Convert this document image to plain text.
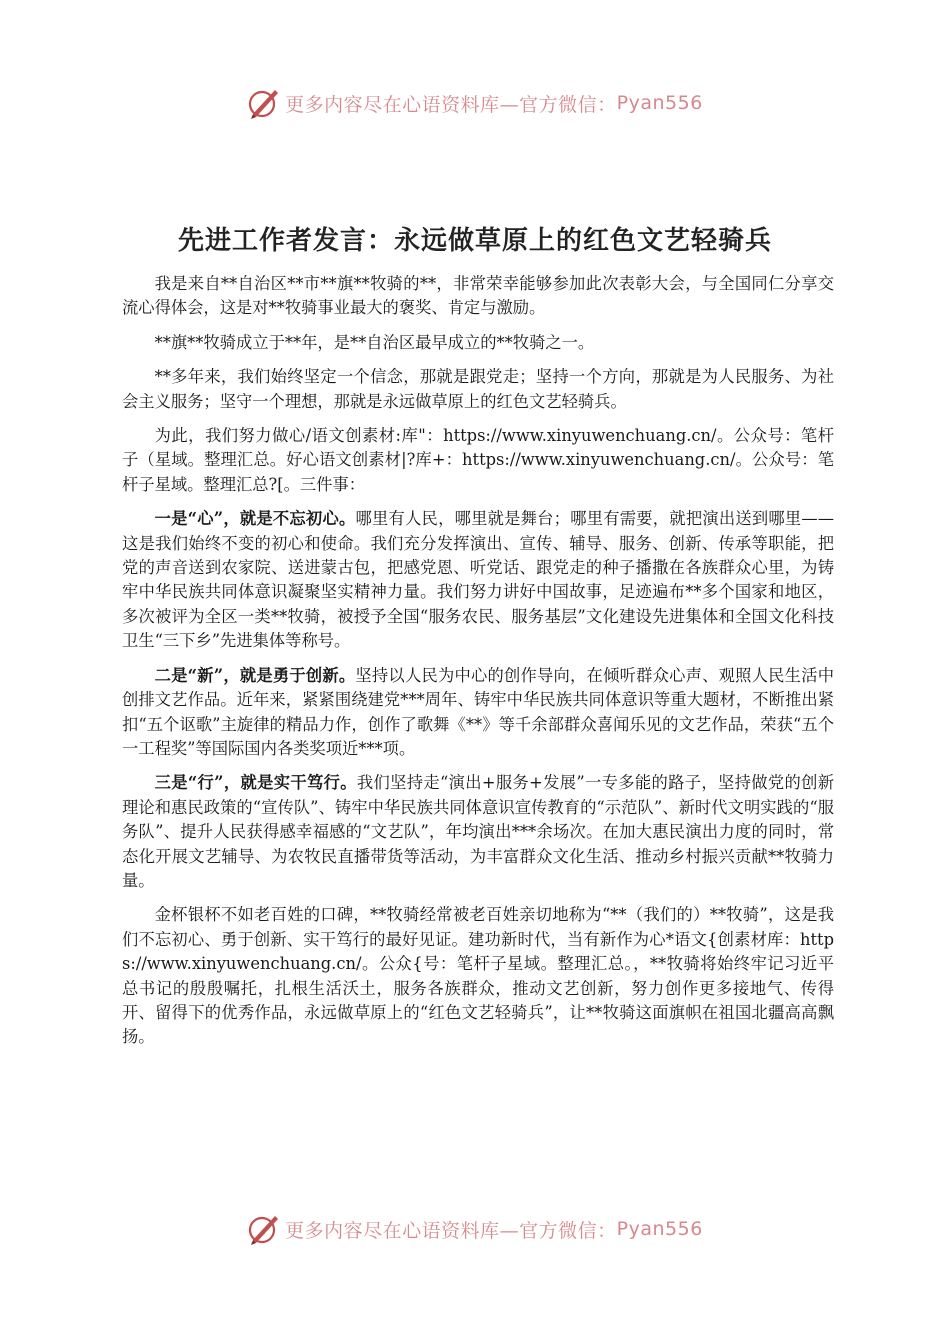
更多内容尽在心语资料库—官方微信： Pyan556
先进工作者发言：永远做草原上的红色文艺轻骑兵

我是来自**自治区**市**旗**牧骑的**，非常荣幸能够参加此次表彰大会，与全国同仁分享交流心得体会，这是对**牧骑事业最大的褒奖、肯定与激励。

**旗**牧骑成立于**年，是**自治区最早成立的**牧骑之一。

**多年来，我们始终坚定一个信念，那就是跟党走；坚持一个方向，那就是为人民服务、为社会主义服务；坚守一个理想，那就是永远做草原上的红色文艺轻骑兵。

为此，我们努力做心/语文创素材:库"：https://www.xinyuwenchuang.cn/。公众号：笔杆子（星域。整理汇总。好心语文创素材|?库+：https://www.xinyuwenchuang.cn/。公众号：笔杆子星域。整理汇总?[。三件事：

一是“心”，就是不忘初心。哪里有人民，哪里就是舞台；哪里有需要，就把演出送到哪里——这是我们始终不变的初心和使命。我们充分发挥演出、宣传、辅导、服务、创新、传承等职能，把党的声音送到农家院、送进蒙古包，把感党恩、听党话、跟党走的种子播撒在各族群众心里，为铸牢中华民族共同体意识凝聚坚实精神力量。我们努力讲好中国故事，足迹遍布**多个国家和地区，多次被评为全区一类**牧骑，被授予全国“服务农民、服务基层”文化建设先进集体和全国文化科技卫生“三下乡”先进集体等称号。

二是“新”，就是勇于创新。坚持以人民为中心的创作导向，在倾听群众心声、观照人民生活中创排文艺作品。近年来，紧紧围绕建党***周年、铸牢中华民族共同体意识等重大题材，不断推出紧扣“五个讴歌”主旋律的精品力作，创作了歌舞《**》等千余部群众喜闻乐见的文艺作品，荣获“五个一工程奖”等国际国内各类奖项近***项。

三是“行”，就是实干笃行。我们坚持走“演出+服务+发展”一专多能的路子，坚持做党的创新理论和惠民政策的“宣传队”、铸牢中华民族共同体意识宣传教育的“示范队”、新时代文明实践的“服务队”、提升人民获得感幸福感的“文艺队”，年均演出***余场次。在加大惠民演出力度的同时，常态化开展文艺辅导、为农牧民直播带货等活动，为丰富群众文化生活、推动乡村振兴贡献**牧骑力量。

金杯银杯不如老百姓的口碑，**牧骑经常被老百姓亲切地称为“**（我们的）**牧骑”，这是我们不忘初心、勇于创新、实干笃行的最好见证。建功新时代，当有新作为心*语文{创素材库：https://www.xinyuwenchuang.cn/。公众{号：笔杆子星域。整理汇总。，**牧骑将始终牢记习近平总书记的殷殷嘱托，扎根生活沃土，服务各族群众，推动文艺创新，努力创作更多接地气、传得开、留得下的优秀作品，永远做草原上的“红色文艺轻骑兵”，让**牧骑这面旗帜在祖国北疆高高飘扬。

更多内容尽在心语资料库—官方微信： Pyan556
